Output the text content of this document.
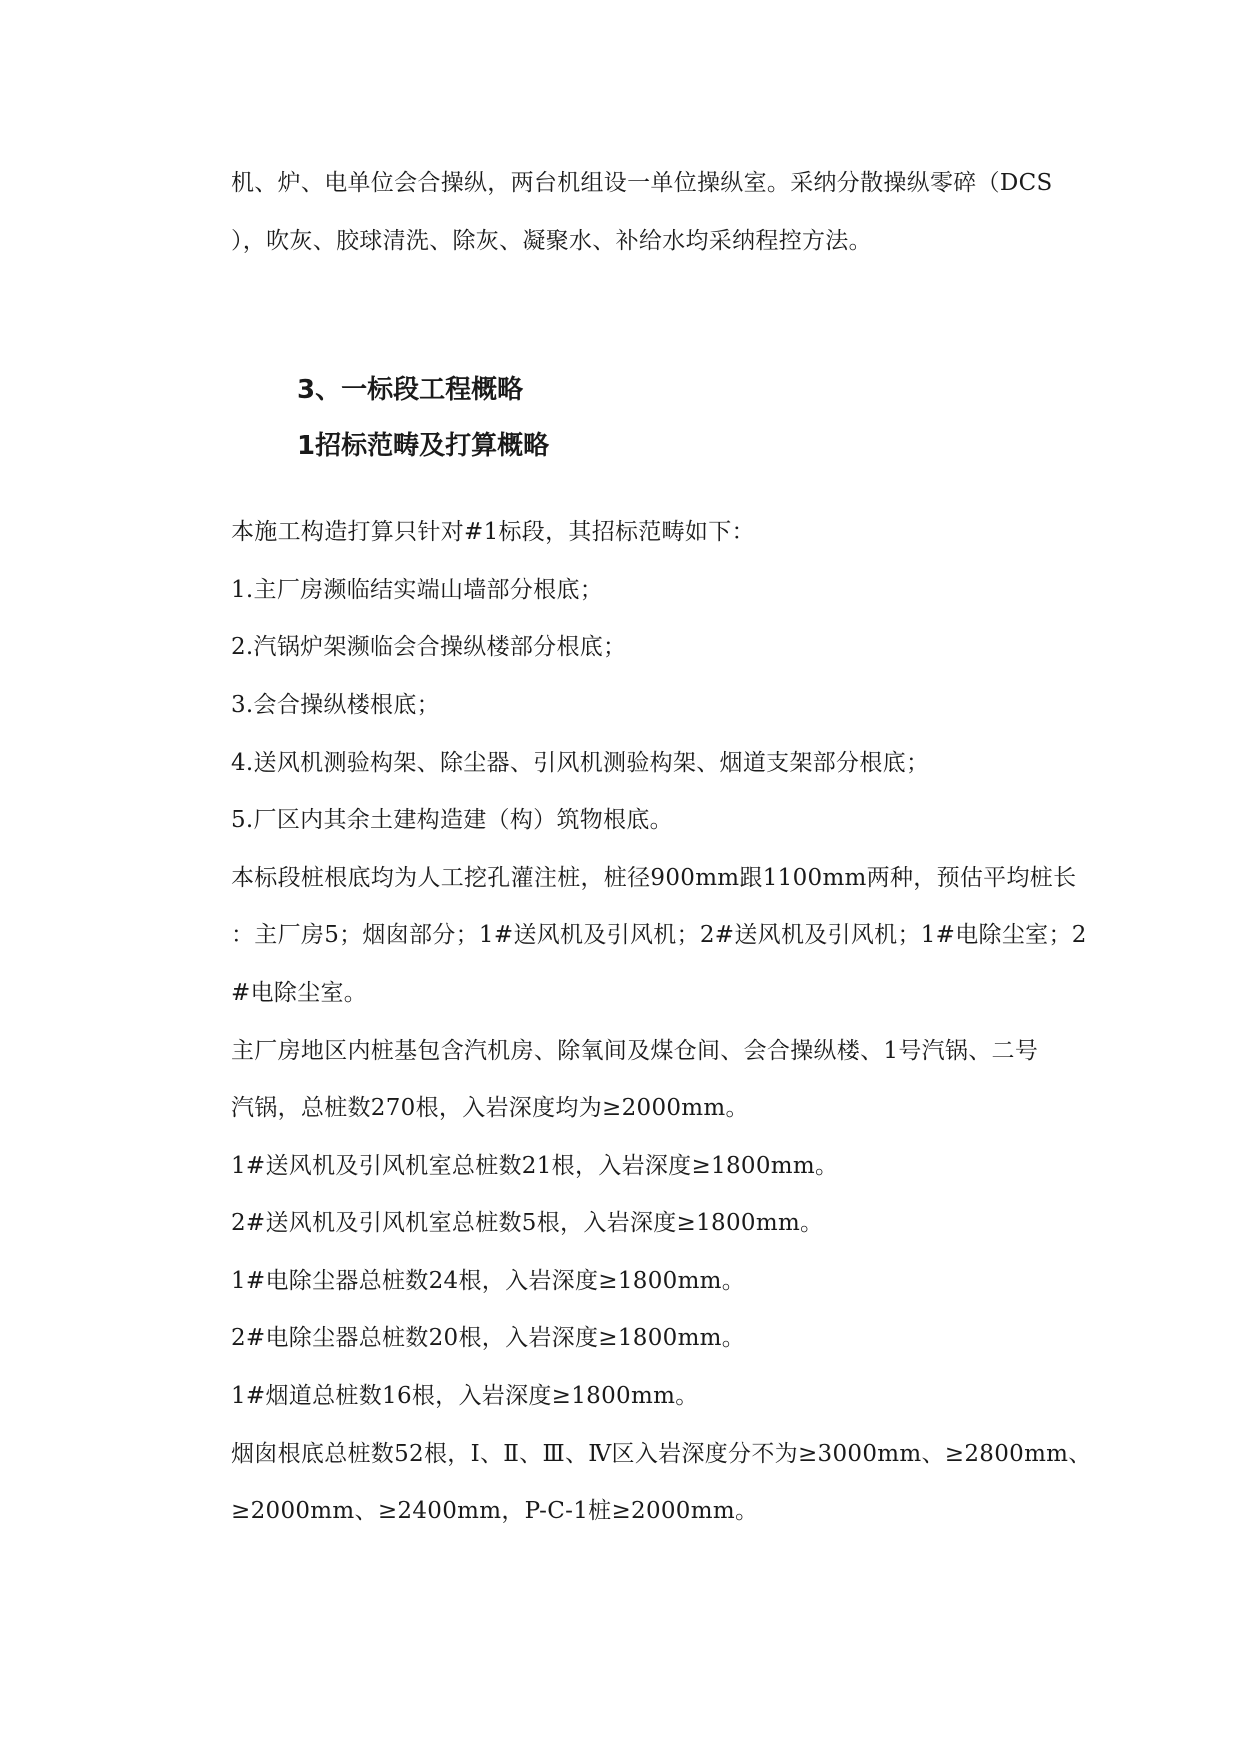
机、炉、电单位会合操纵，两台机组设一单位操纵室。采纳分散操纵零碎（DCS
），吹灰、胶球清洗、除灰、凝聚水、补给水均采纳程控方法。
3、一标段工程概略
1招标范畴及打算概略
本施工构造打算只针对#1标段，其招标范畴如下：
1.主厂房濒临结实端山墙部分根底；
2.汽锅炉架濒临会合操纵楼部分根底；
3.会合操纵楼根底；
4.送风机测验构架、除尘器、引风机测验构架、烟道支架部分根底；
5.厂区内其余土建构造建（构）筑物根底。
本标段桩根底均为人工挖孔灌注桩，桩径900mm跟1100mm两种，预估平均桩长
：主厂房5；烟囱部分；1#送风机及引风机；2#送风机及引风机；1#电除尘室；2
#电除尘室。
主厂房地区内桩基包含汽机房、除氧间及煤仓间、会合操纵楼、1号汽锅、二号
汽锅，总桩数270根，入岩深度均为≥2000mm。
1#送风机及引风机室总桩数21根，入岩深度≥1800mm。
2#送风机及引风机室总桩数5根，入岩深度≥1800mm。
1#电除尘器总桩数24根，入岩深度≥1800mm。
2#电除尘器总桩数20根，入岩深度≥1800mm。
1#烟道总桩数16根，入岩深度≥1800mm。
烟囱根底总桩数52根，Ⅰ、Ⅱ、Ⅲ、Ⅳ区入岩深度分不为≥3000mm、≥2800mm、
≥2000mm、≥2400mm，P-C-1桩≥2000mm。
